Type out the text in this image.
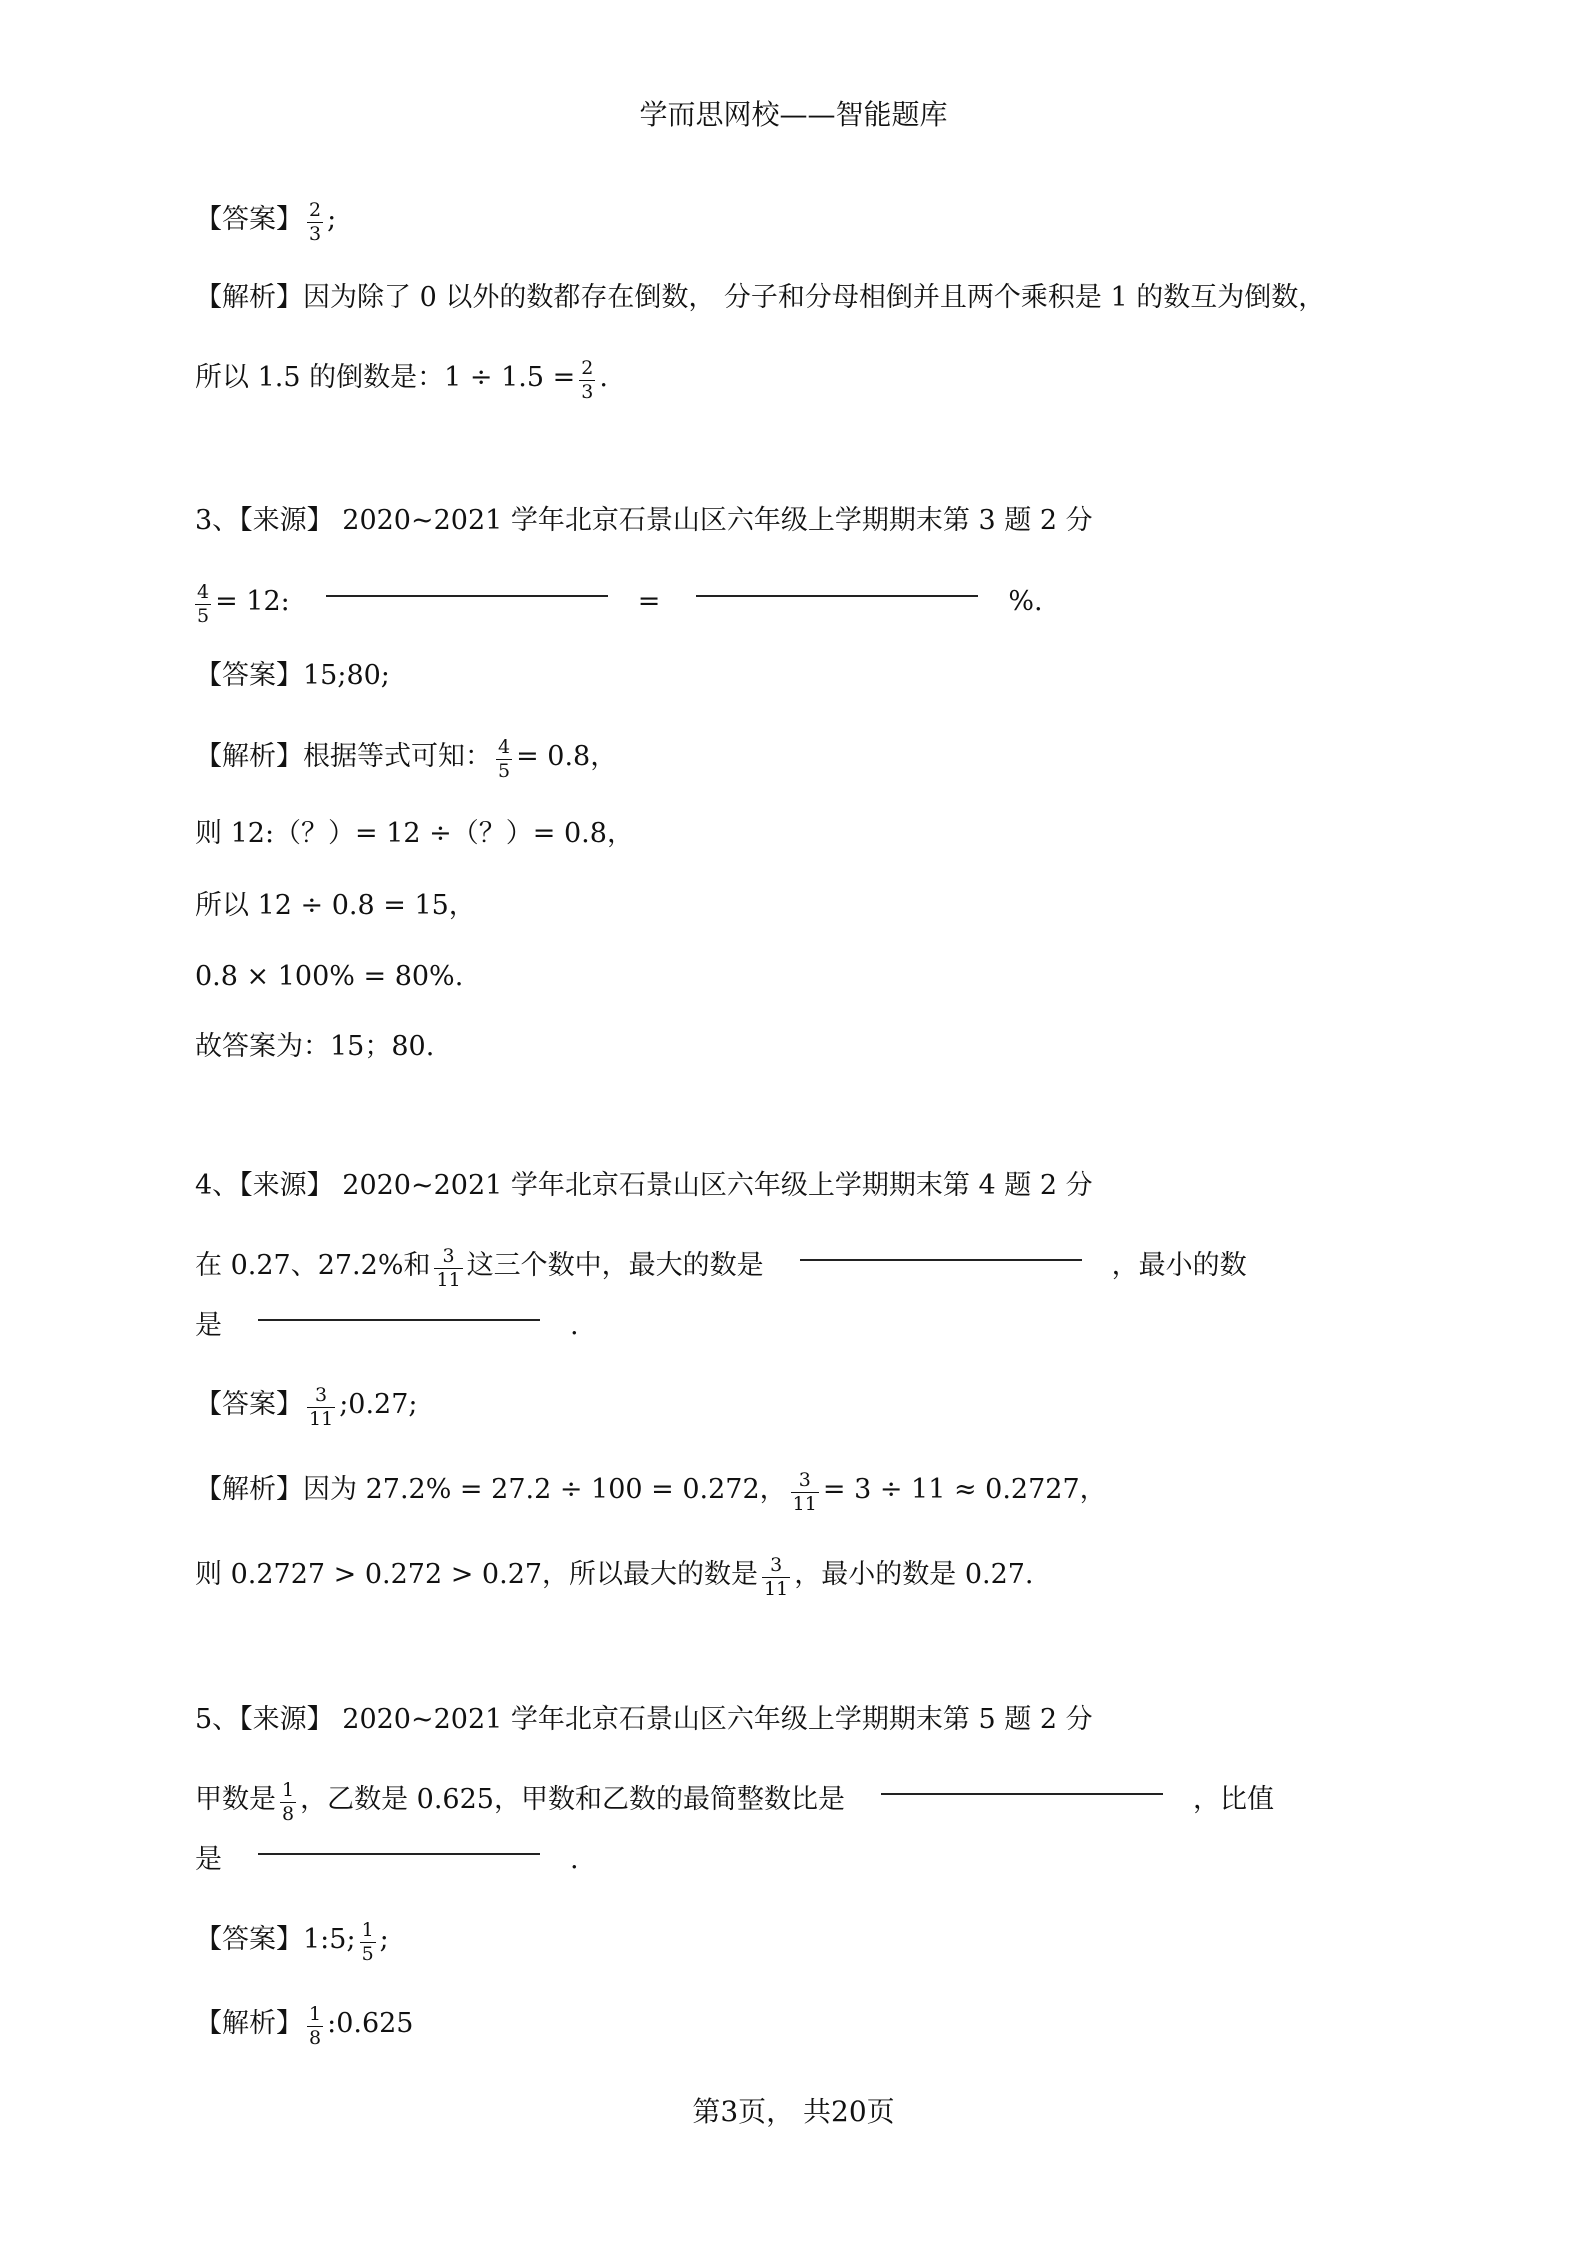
学而思网校——智能题库
【答案】 $\frac{2}{3}$ ;
【解析】 因为除了 0 以外的数都存在倒数， 分子和分母相倒并且两个乘积是 1 的数互为倒数，
所以 1.5 的倒数是：$1 \div 1.5 = \frac{2}{3}$ .
3、【来源】 2020~2021 学年北京石景山区六年级上学期期末第 3 题 2 分
$\frac{4}{5} = 12$:	=	%.
【答案】 15;80;
【解析】 根据等式可知： $\frac{4}{5} = 0.8$，
则 12:（？）= 12 ÷（？）= 0.8，
所以 12 ÷ 0.8 = 15，
0.8 × 100% = 80%.
故答案为：15；80.
4、【来源】 2020~2021 学年北京石景山区六年级上学期期末第 4 题 2 分
在 0.27、27.2%和 $\frac{3}{11}$ 这三个数中，最大的数是	，最小的数
是	.
【答案】 $\frac{3}{11}$ ;0.27;
【解析】 因为 27.2% = 27.2 ÷ 100 = 0.272， $\frac{3}{11} = 3 \div 11 \approx 0.2727$，
则 0.2727 > 0.272 > 0.27，所以最大的数是 $\frac{3}{11}$ ，最小的数是 0.27.
5、【来源】 2020~2021 学年北京石景山区六年级上学期期末第 5 题 2 分
甲数是 $\frac{1}{8}$ ，乙数是 0.625，甲数和乙数的最简整数比是	，比值
是	.
【答案】 1:5; $\frac{1}{5}$ ;
【解析】 $\frac{1}{8}$ :0.625
第3页， 共20页
